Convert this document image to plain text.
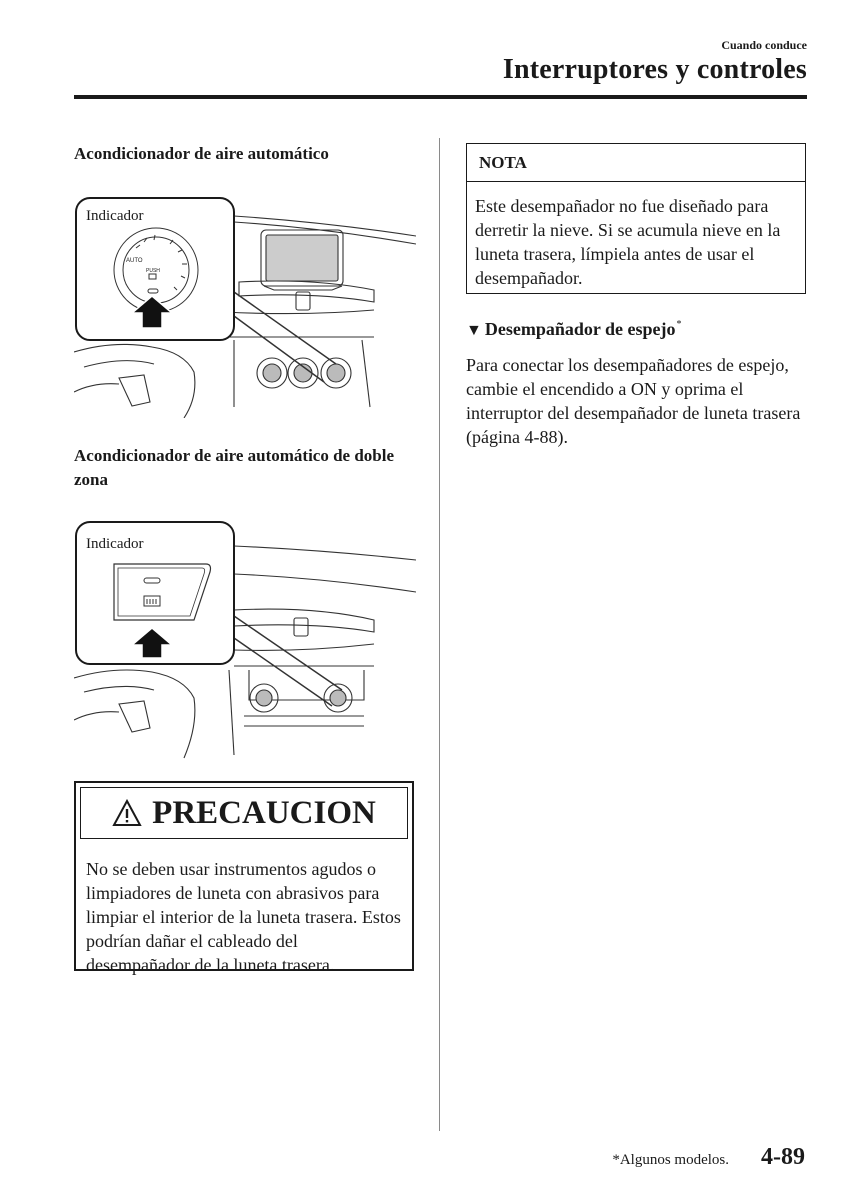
Cuando conduce
Interruptores y controles
Acondicionador de aire automático
AUTO
PUSH
Indicador
Acondicionador de aire automático de doble zona
Indicador
PRECAUCION
No se deben usar instrumentos agudos o limpiadores de luneta con abrasivos para limpiar el interior de la luneta trasera. Estos podrían dañar el cableado del desempañador de la luneta trasera.
NOTA
Este desempañador no fue diseñado para derretir la nieve. Si se acumula nieve en la luneta trasera, límpiela antes de usar el desempañador.
▼ Desempañador de espejo*
Para conectar los desempañadores de espejo, cambie el encendido a ON y oprima el interruptor del desempañador de luneta trasera (página 4-88).
*Algunos modelos. 4-89
